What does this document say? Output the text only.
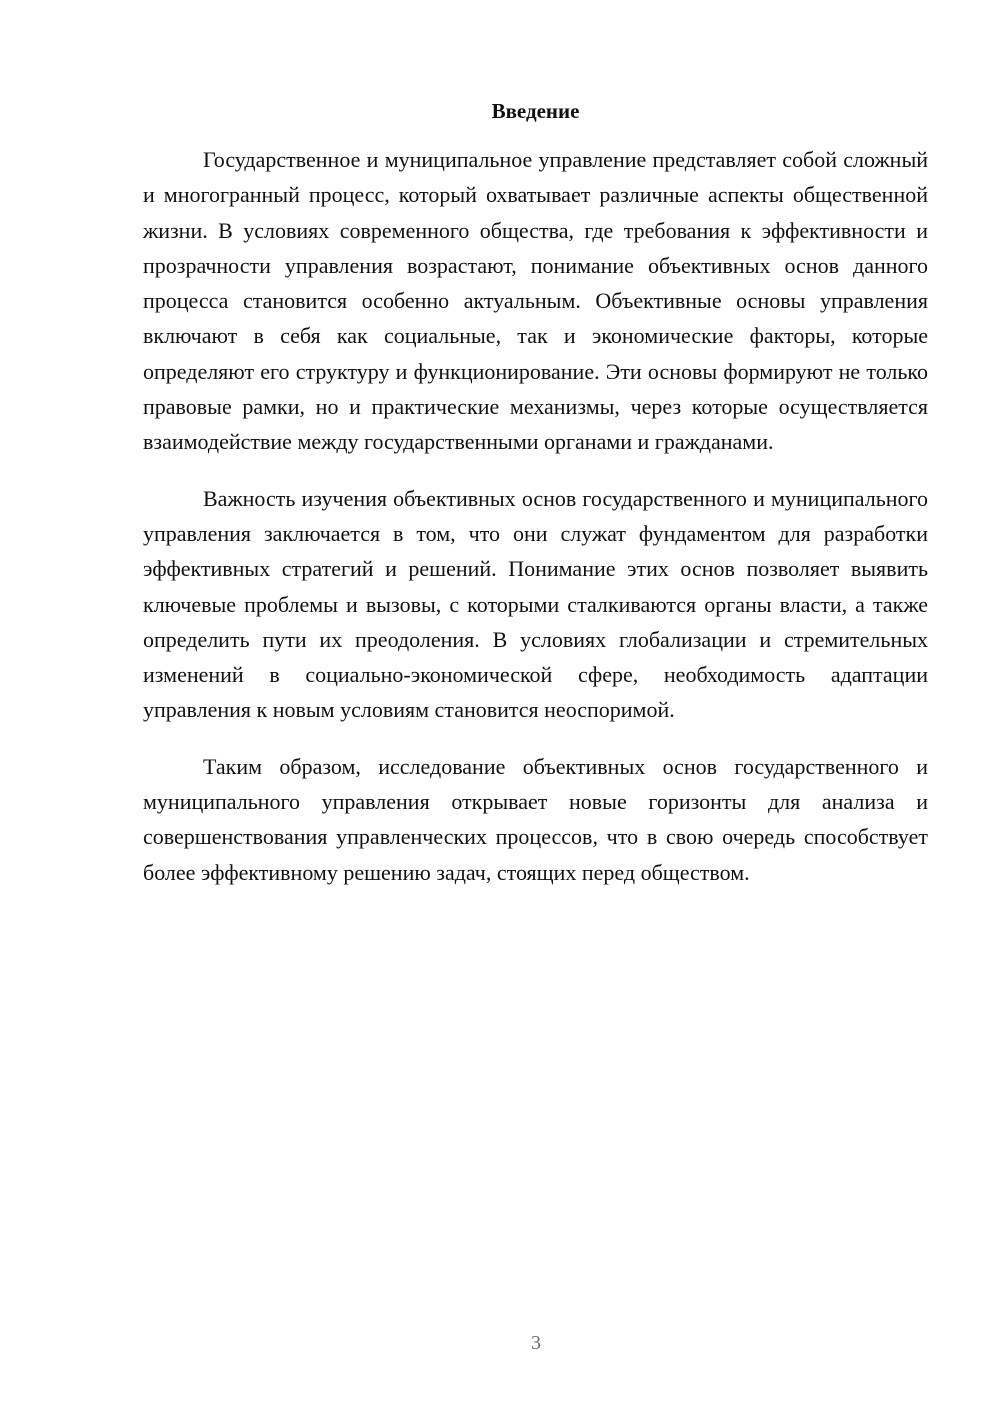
Введение

Государственное и муниципальное управление представляет собой сложный и многогранный процесс, который охватывает различные аспекты общественной жизни. В условиях современного общества, где требования к эффективности и прозрачности управления возрастают, понимание объективных основ данного процесса становится особенно актуальным. Объективные основы управления включают в себя как социальные, так и экономические факторы, которые определяют его структуру и функционирование. Эти основы формируют не только правовые рамки, но и практические механизмы, через которые осуществляется взаимодействие между государственными органами и гражданами.

Важность изучения объективных основ государственного и муниципального управления заключается в том, что они служат фундаментом для разработки эффективных стратегий и решений. Понимание этих основ позволяет выявить ключевые проблемы и вызовы, с которыми сталкиваются органы власти, а также определить пути их преодоления. В условиях глобализации и стремительных изменений в социально-экономической сфере, необходимость адаптации управления к новым условиям становится неоспоримой.

Таким образом, исследование объективных основ государственного и муниципального управления открывает новые горизонты для анализа и совершенствования управленческих процессов, что в свою очередь способствует более эффективному решению задач, стоящих перед обществом.

3
